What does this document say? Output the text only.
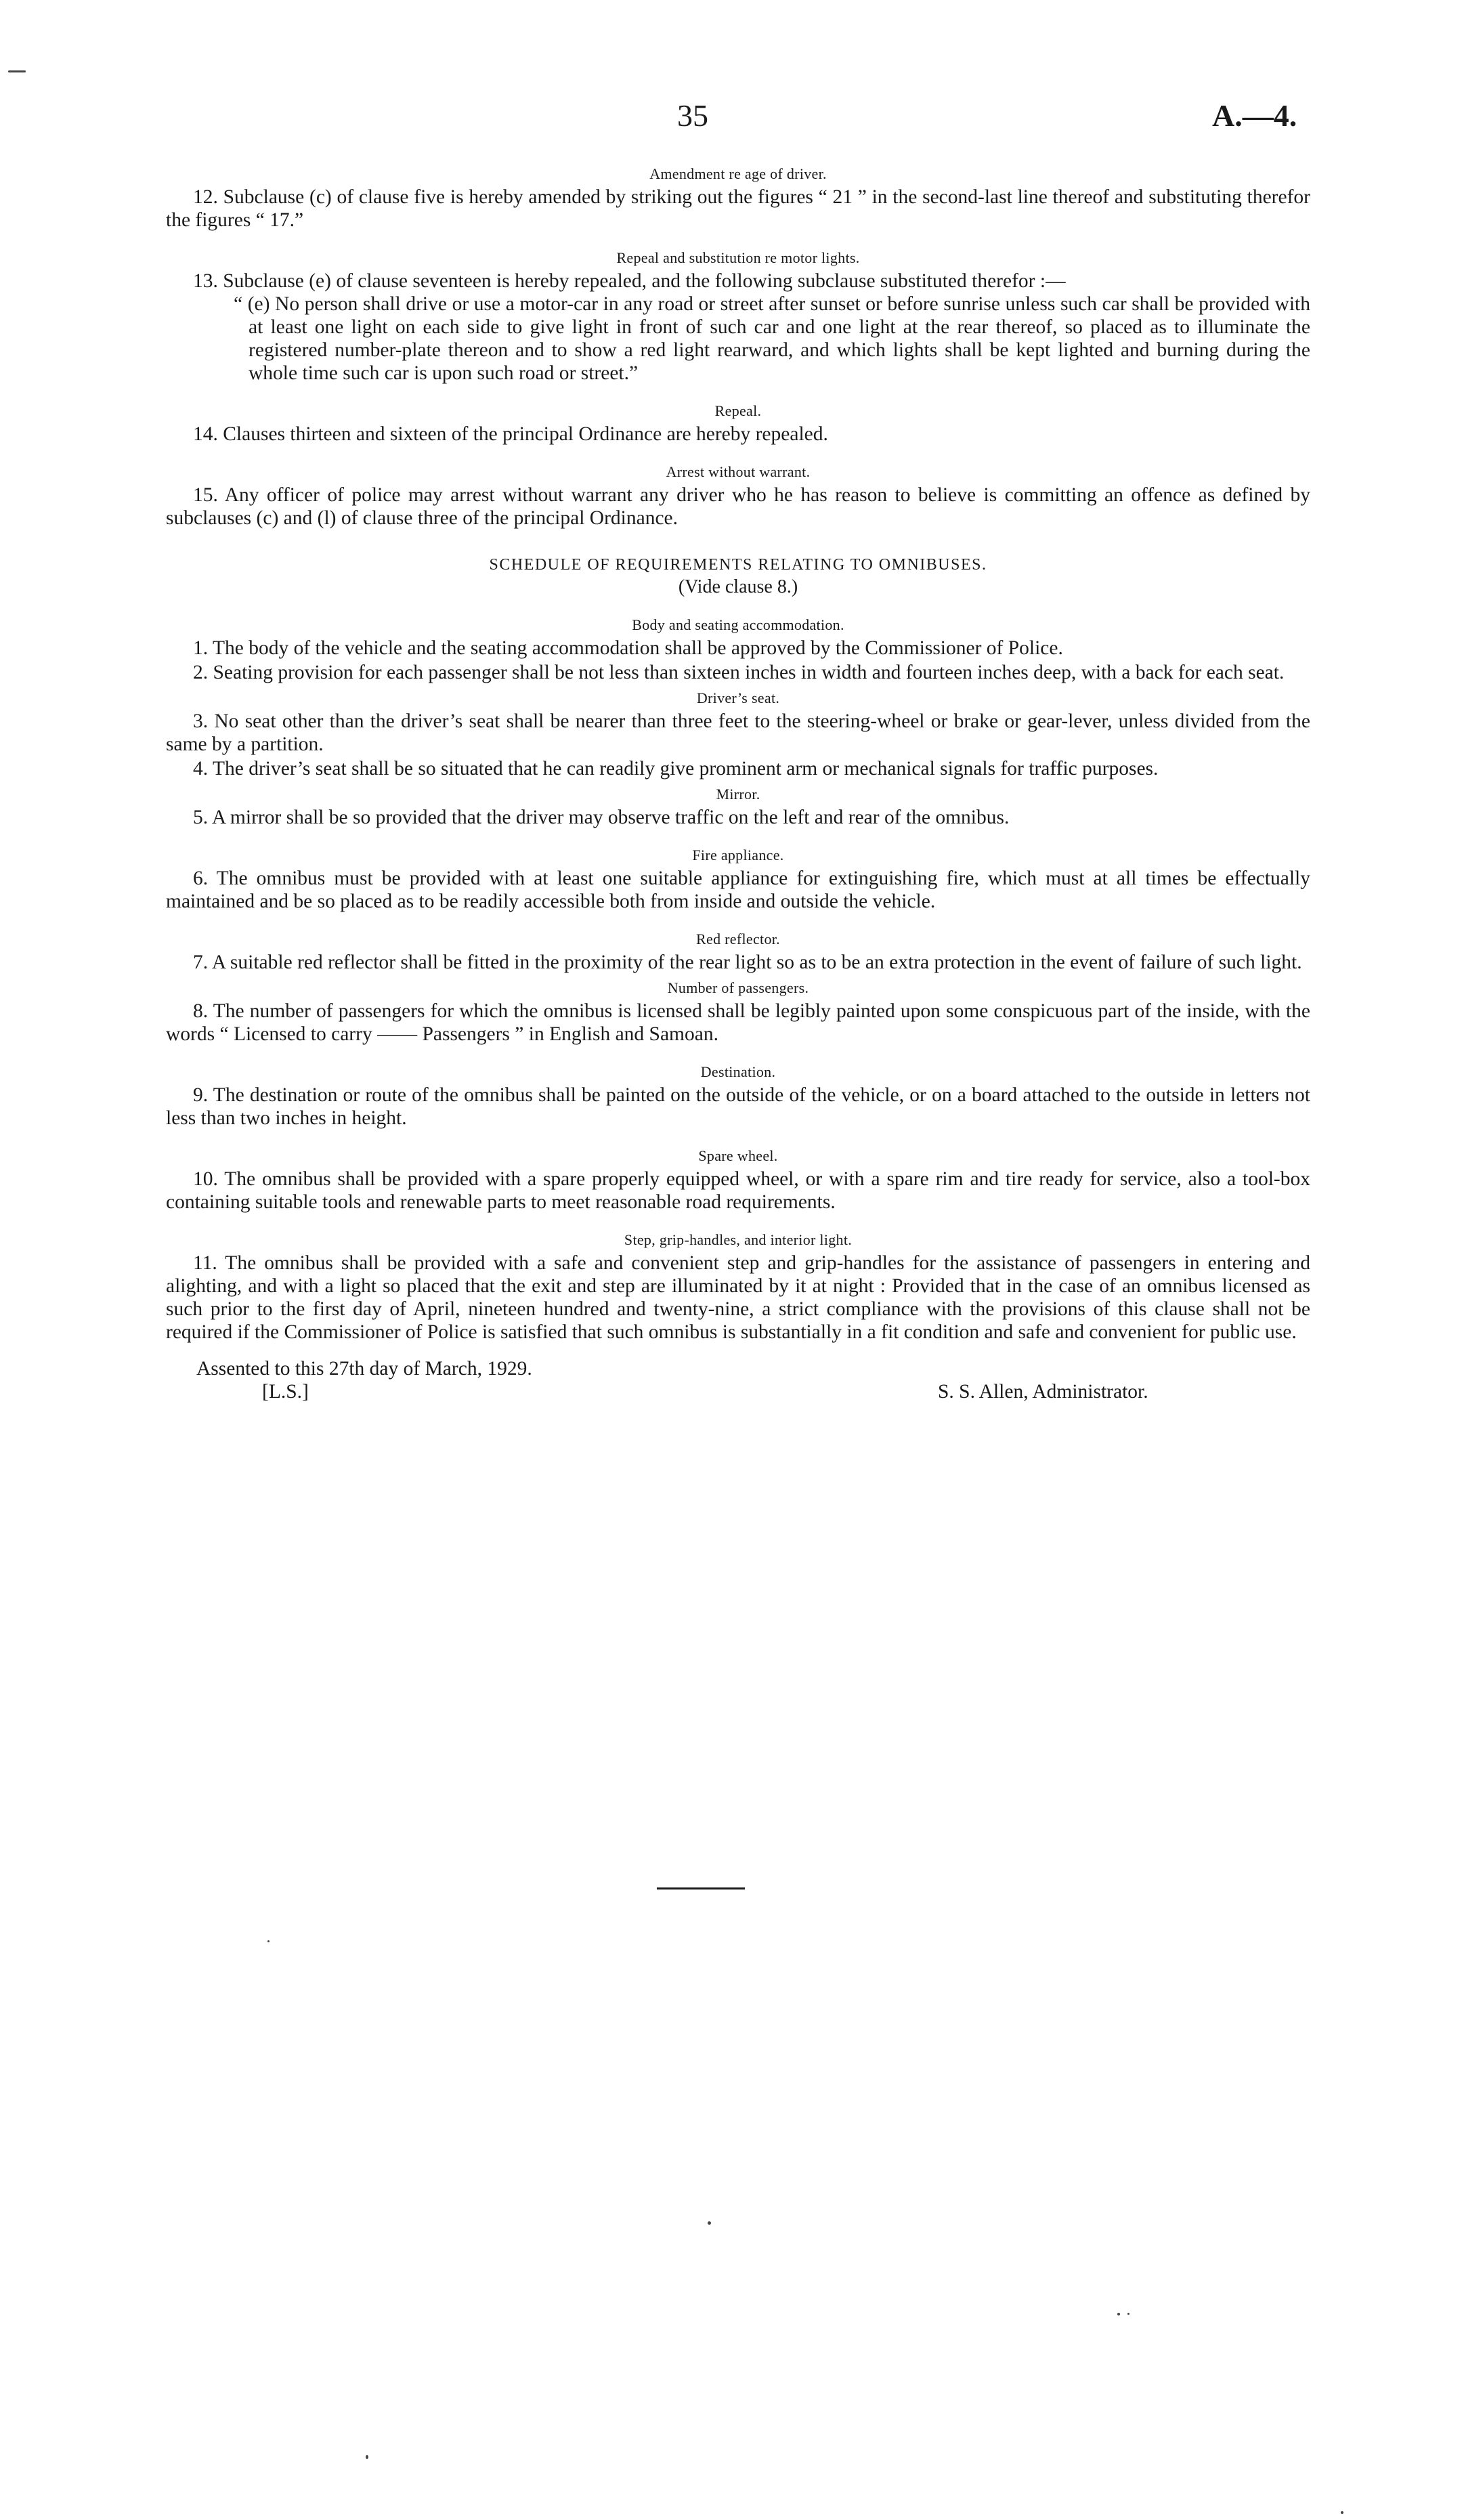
35	A.—4.

Amendment re age of driver.

12. Subclause (c) of clause five is hereby amended by striking out the figures “ 21 ” in the second-last line thereof and substituting therefor the figures “ 17.”

Repeal and substitution re motor lights.

13. Subclause (e) of clause seventeen is hereby repealed, and the following subclause substituted therefor :—

“ (e) No person shall drive or use a motor-car in any road or street after sunset or before sunrise unless such car shall be provided with at least one light on each side to give light in front of such car and one light at the rear thereof, so placed as to illuminate the registered number-plate thereon and to show a red light rearward, and which lights shall be kept lighted and burning during the whole time such car is upon such road or street.”

Repeal.

14. Clauses thirteen and sixteen of the principal Ordinance are hereby repealed.

Arrest without warrant.

15. Any officer of police may arrest without warrant any driver who he has reason to believe is committing an offence as defined by subclauses (c) and (l) of clause three of the principal Ordinance.

SCHEDULE OF REQUIREMENTS RELATING TO OMNIBUSES.

(Vide clause 8.)

Body and seating accommodation.

1. The body of the vehicle and the seating accommodation shall be approved by the Commissioner of Police.

2. Seating provision for each passenger shall be not less than sixteen inches in width and fourteen inches deep, with a back for each seat.

Driver’s seat.

3. No seat other than the driver’s seat shall be nearer than three feet to the steering-wheel or brake or gear-lever, unless divided from the same by a partition.

4. The driver’s seat shall be so situated that he can readily give prominent arm or mechanical signals for traffic purposes.

Mirror.

5. A mirror shall be so provided that the driver may observe traffic on the left and rear of the omnibus.

Fire appliance.

6. The omnibus must be provided with at least one suitable appliance for extinguishing fire, which must at all times be effectually maintained and be so placed as to be readily accessible both from inside and outside the vehicle.

Red reflector.

7. A suitable red reflector shall be fitted in the proximity of the rear light so as to be an extra protection in the event of failure of such light.

Number of passengers.

8. The number of passengers for which the omnibus is licensed shall be legibly painted upon some conspicuous part of the inside, with the words “ Licensed to carry —— Passengers ” in English and Samoan.

Destination.

9. The destination or route of the omnibus shall be painted on the outside of the vehicle, or on a board attached to the outside in letters not less than two inches in height.

Spare wheel.

10. The omnibus shall be provided with a spare properly equipped wheel, or with a spare rim and tire ready for service, also a tool-box containing suitable tools and renewable parts to meet reasonable road requirements.

Step, grip-handles, and interior light.

11. The omnibus shall be provided with a safe and convenient step and grip-handles for the assistance of passengers in entering and alighting, and with a light so placed that the exit and step are illuminated by it at night : Provided that in the case of an omnibus licensed as such prior to the first day of April, nineteen hundred and twenty-nine, a strict compliance with the provisions of this clause shall not be required if the Commissioner of Police is satisfied that such omnibus is substantially in a fit condition and safe and convenient for public use.

Assented to this 27th day of March, 1929.
[L.S.]	S. S. Allen, Administrator.
